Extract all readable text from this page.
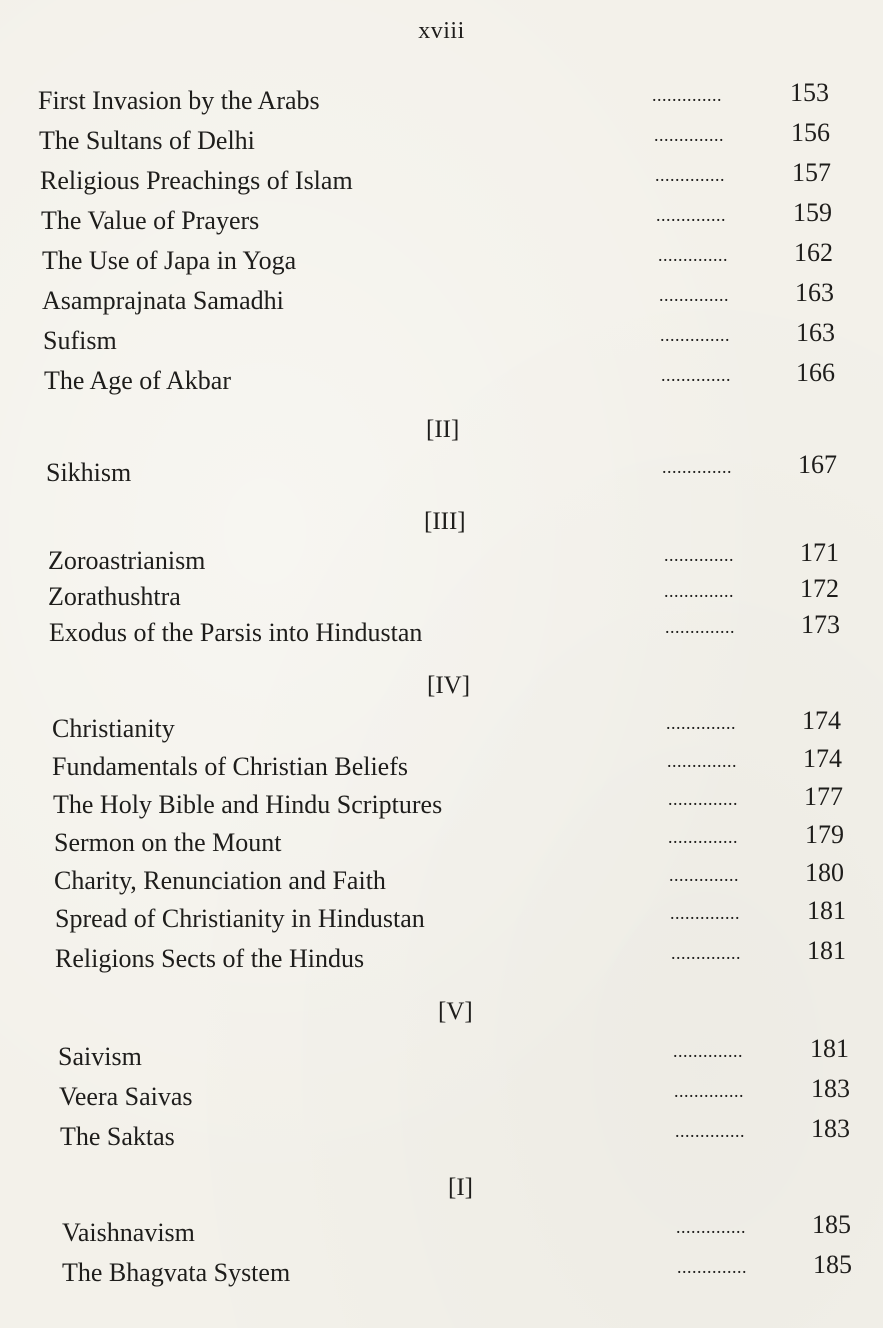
xviii
First Invasion by the Arabs	..............	153
The Sultans of Delhi	..............	156
Religious Preachings of Islam	..............	157
The Value of Prayers	..............	159
The Use of Japa in Yoga	..............	162
Asamprajnata Samadhi	..............	163
Sufism	..............	163
The Age of Akbar	..............	166
[II]
Sikhism	..............	167
[III]
Zoroastrianism	..............	171
Zorathushtra	..............	172
Exodus of the Parsis into Hindustan	..............	173
[IV]
Christianity	..............	174
Fundamentals of Christian Beliefs	..............	174
The Holy Bible and Hindu Scriptures	..............	177
Sermon on the Mount	..............	179
Charity, Renunciation and Faith	..............	180
Spread of Christianity in Hindustan	..............	181
Religions Sects of the Hindus	..............	181
[V]
Saivism	..............	181
Veera Saivas	..............	183
The Saktas	..............	183
[I]
Vaishnavism	..............	185
The Bhagvata System	..............	185
